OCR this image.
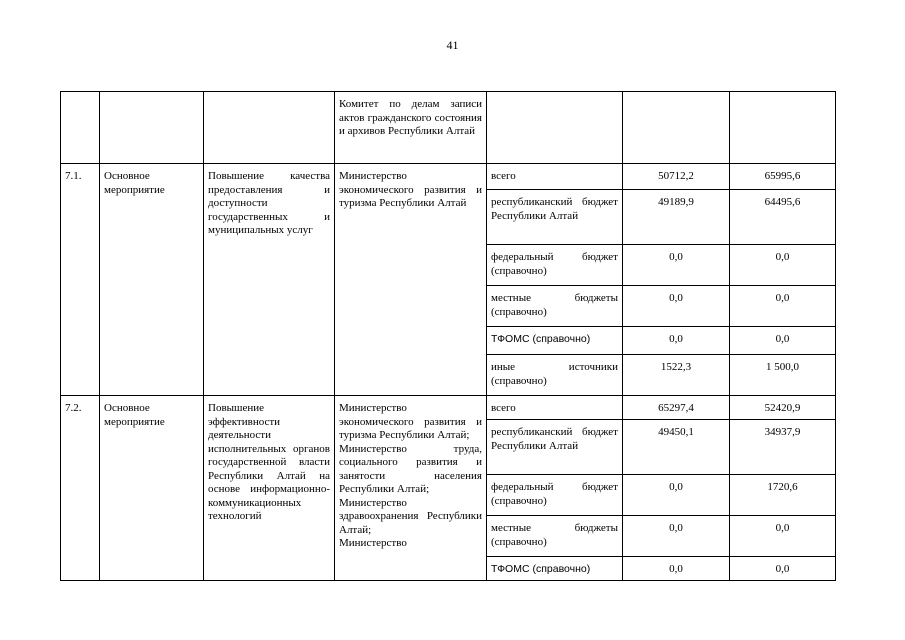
41
			Комитет по делам записи актов гражданского состояния и архивов Республики Алтай			
7.1.	Основное мероприятие	Повышение качества предоставления и доступности государственных и муниципальных услуг	Министерство экономического развития и туризма Республики Алтай	всего	50712,2	65995,6
				республиканский бюджет Республики Алтай	49189,9	64495,6
				федеральный бюджет (справочно)	0,0	0,0
				местные бюджеты (справочно)	0,0	0,0
				ТФОМС (справочно)	0,0	0,0
				иные источники (справочно)	1522,3	1 500,0
7.2.	Основное мероприятие	Повышение эффективности деятельности исполнительных органов государственной власти Республики Алтай на основе информационно-коммуникационных технологий	Министерство экономического развития и туризма Республики Алтай;
Министерство труда, социального развития и занятости населения Республики Алтай;
Министерство здравоохранения Республики Алтай;
Министерство	всего	65297,4	52420,9
				республиканский бюджет Республики Алтай	49450,1	34937,9
				федеральный бюджет (справочно)	0,0	1720,6
				местные бюджеты (справочно)	0,0	0,0
				ТФОМС (справочно)	0,0	0,0
